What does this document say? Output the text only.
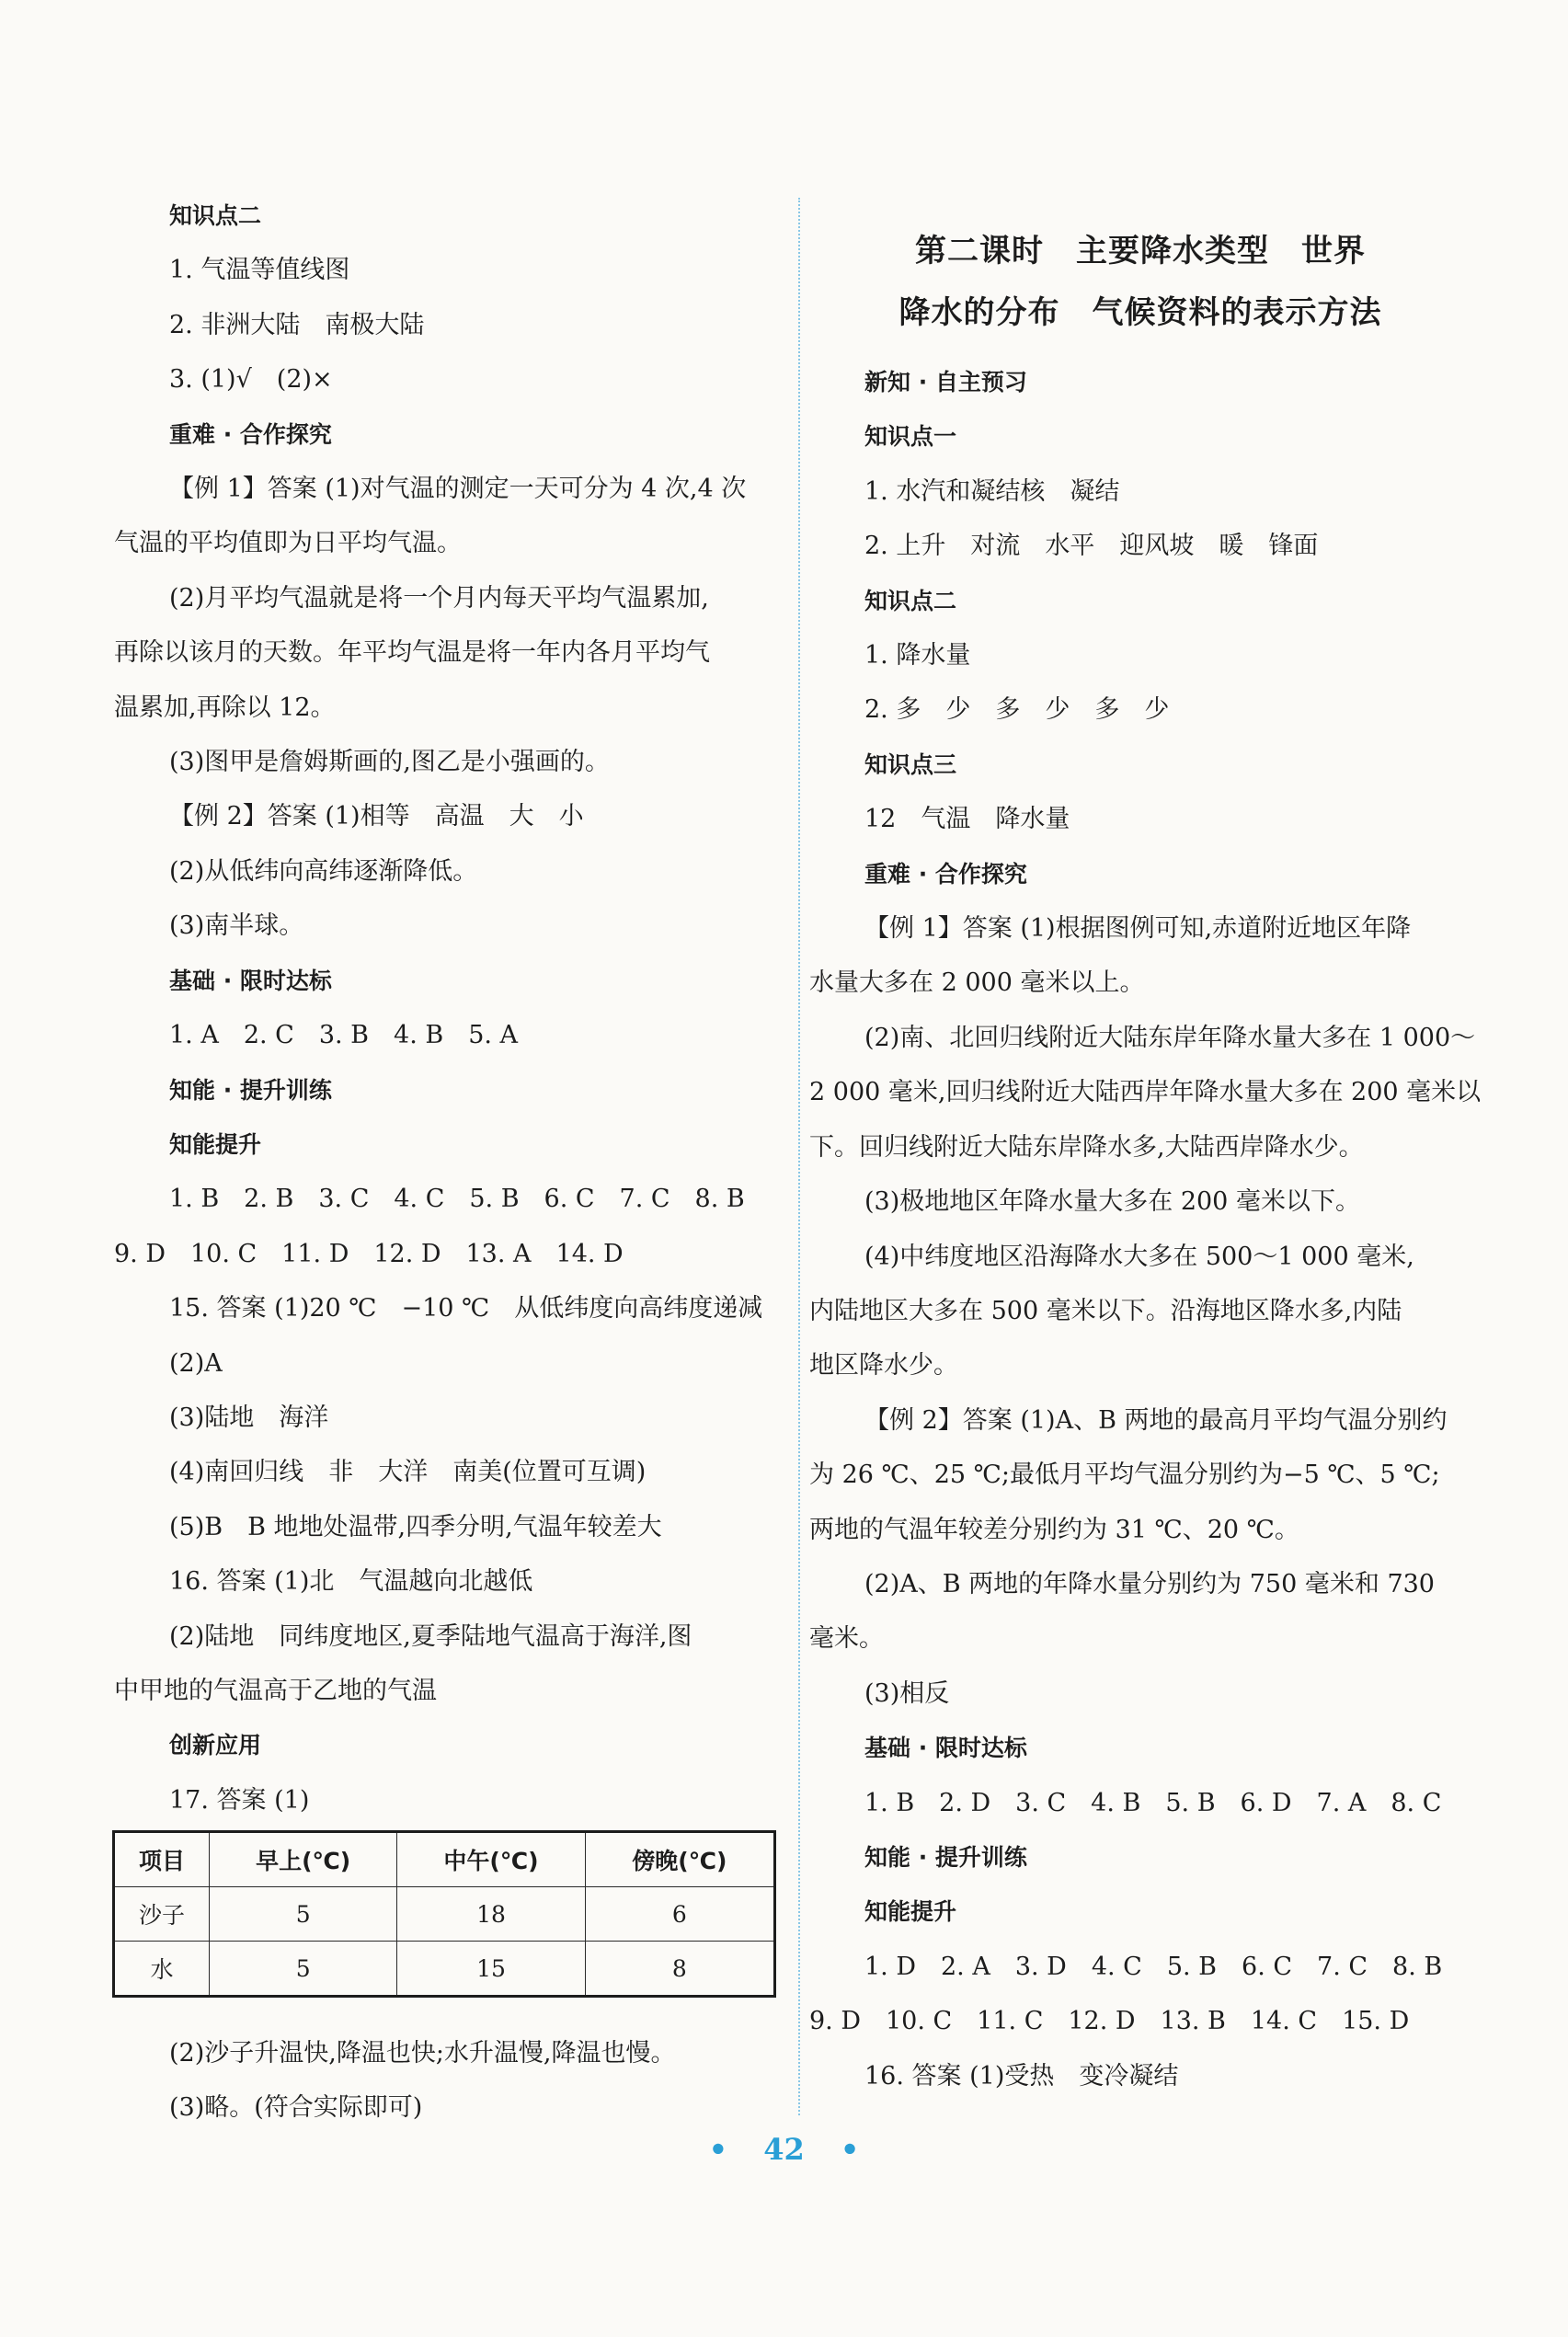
知识点二
1. 气温等值线图
2. 非洲大陆　南极大陆
3. (1)√　(2)×
重难 · 合作探究
【例 1】答案 (1)对气温的测定一天可分为 4 次,4 次
气温的平均值即为日平均气温。
(2)月平均气温就是将一个月内每天平均气温累加,
再除以该月的天数。年平均气温是将一年内各月平均气
温累加,再除以 12。
(3)图甲是詹姆斯画的,图乙是小强画的。
【例 2】答案 (1)相等　高温　大　小
(2)从低纬向高纬逐渐降低。
(3)南半球。
基础 · 限时达标
1. A　2. C　3. B　4. B　5. A
知能 · 提升训练
知能提升
1. B　2. B　3. C　4. C　5. B　6. C　7. C　8. B
9. D　10. C　11. D　12. D　13. A　14. D
15. 答案 (1)20 ℃　−10 ℃　从低纬度向高纬度递减
(2)A
(3)陆地　海洋
(4)南回归线　非　大洋　南美(位置可互调)
(5)B　B 地地处温带,四季分明,气温年较差大
16. 答案 (1)北　气温越向北越低
(2)陆地　同纬度地区,夏季陆地气温高于海洋,图
中甲地的气温高于乙地的气温
创新应用
17. 答案 (1)
项目	早上(℃)	中午(℃)	傍晚(℃)
沙子	5	18	6
水	5	15	8
(2)沙子升温快,降温也快;水升温慢,降温也慢。
(3)略。(符合实际即可)
第二课时　主要降水类型　世界
降水的分布　气候资料的表示方法
新知 · 自主预习
知识点一
1. 水汽和凝结核　凝结
2. 上升　对流　水平　迎风坡　暖　锋面
知识点二
1. 降水量
2. 多　少　多　少　多　少
知识点三
12　气温　降水量
重难 · 合作探究
【例 1】答案 (1)根据图例可知,赤道附近地区年降
水量大多在 2 000 毫米以上。
(2)南、北回归线附近大陆东岸年降水量大多在 1 000～
2 000 毫米,回归线附近大陆西岸年降水量大多在 200 毫米以
下。回归线附近大陆东岸降水多,大陆西岸降水少。
(3)极地地区年降水量大多在 200 毫米以下。
(4)中纬度地区沿海降水大多在 500～1 000 毫米,
内陆地区大多在 500 毫米以下。沿海地区降水多,内陆
地区降水少。
【例 2】答案 (1)A、B 两地的最高月平均气温分别约
为 26 ℃、25 ℃;最低月平均气温分别约为−5 ℃、5 ℃;
两地的气温年较差分别约为 31 ℃、20 ℃。
(2)A、B 两地的年降水量分别约为 750 毫米和 730
毫米。
(3)相反
基础 · 限时达标
1. B　2. D　3. C　4. B　5. B　6. D　7. A　8. C
知能 · 提升训练
知能提升
1. D　2. A　3. D　4. C　5. B　6. C　7. C　8. B
9. D　10. C　11. C　12. D　13. B　14. C　15. D
16. 答案 (1)受热　变冷凝结
• 42 •
